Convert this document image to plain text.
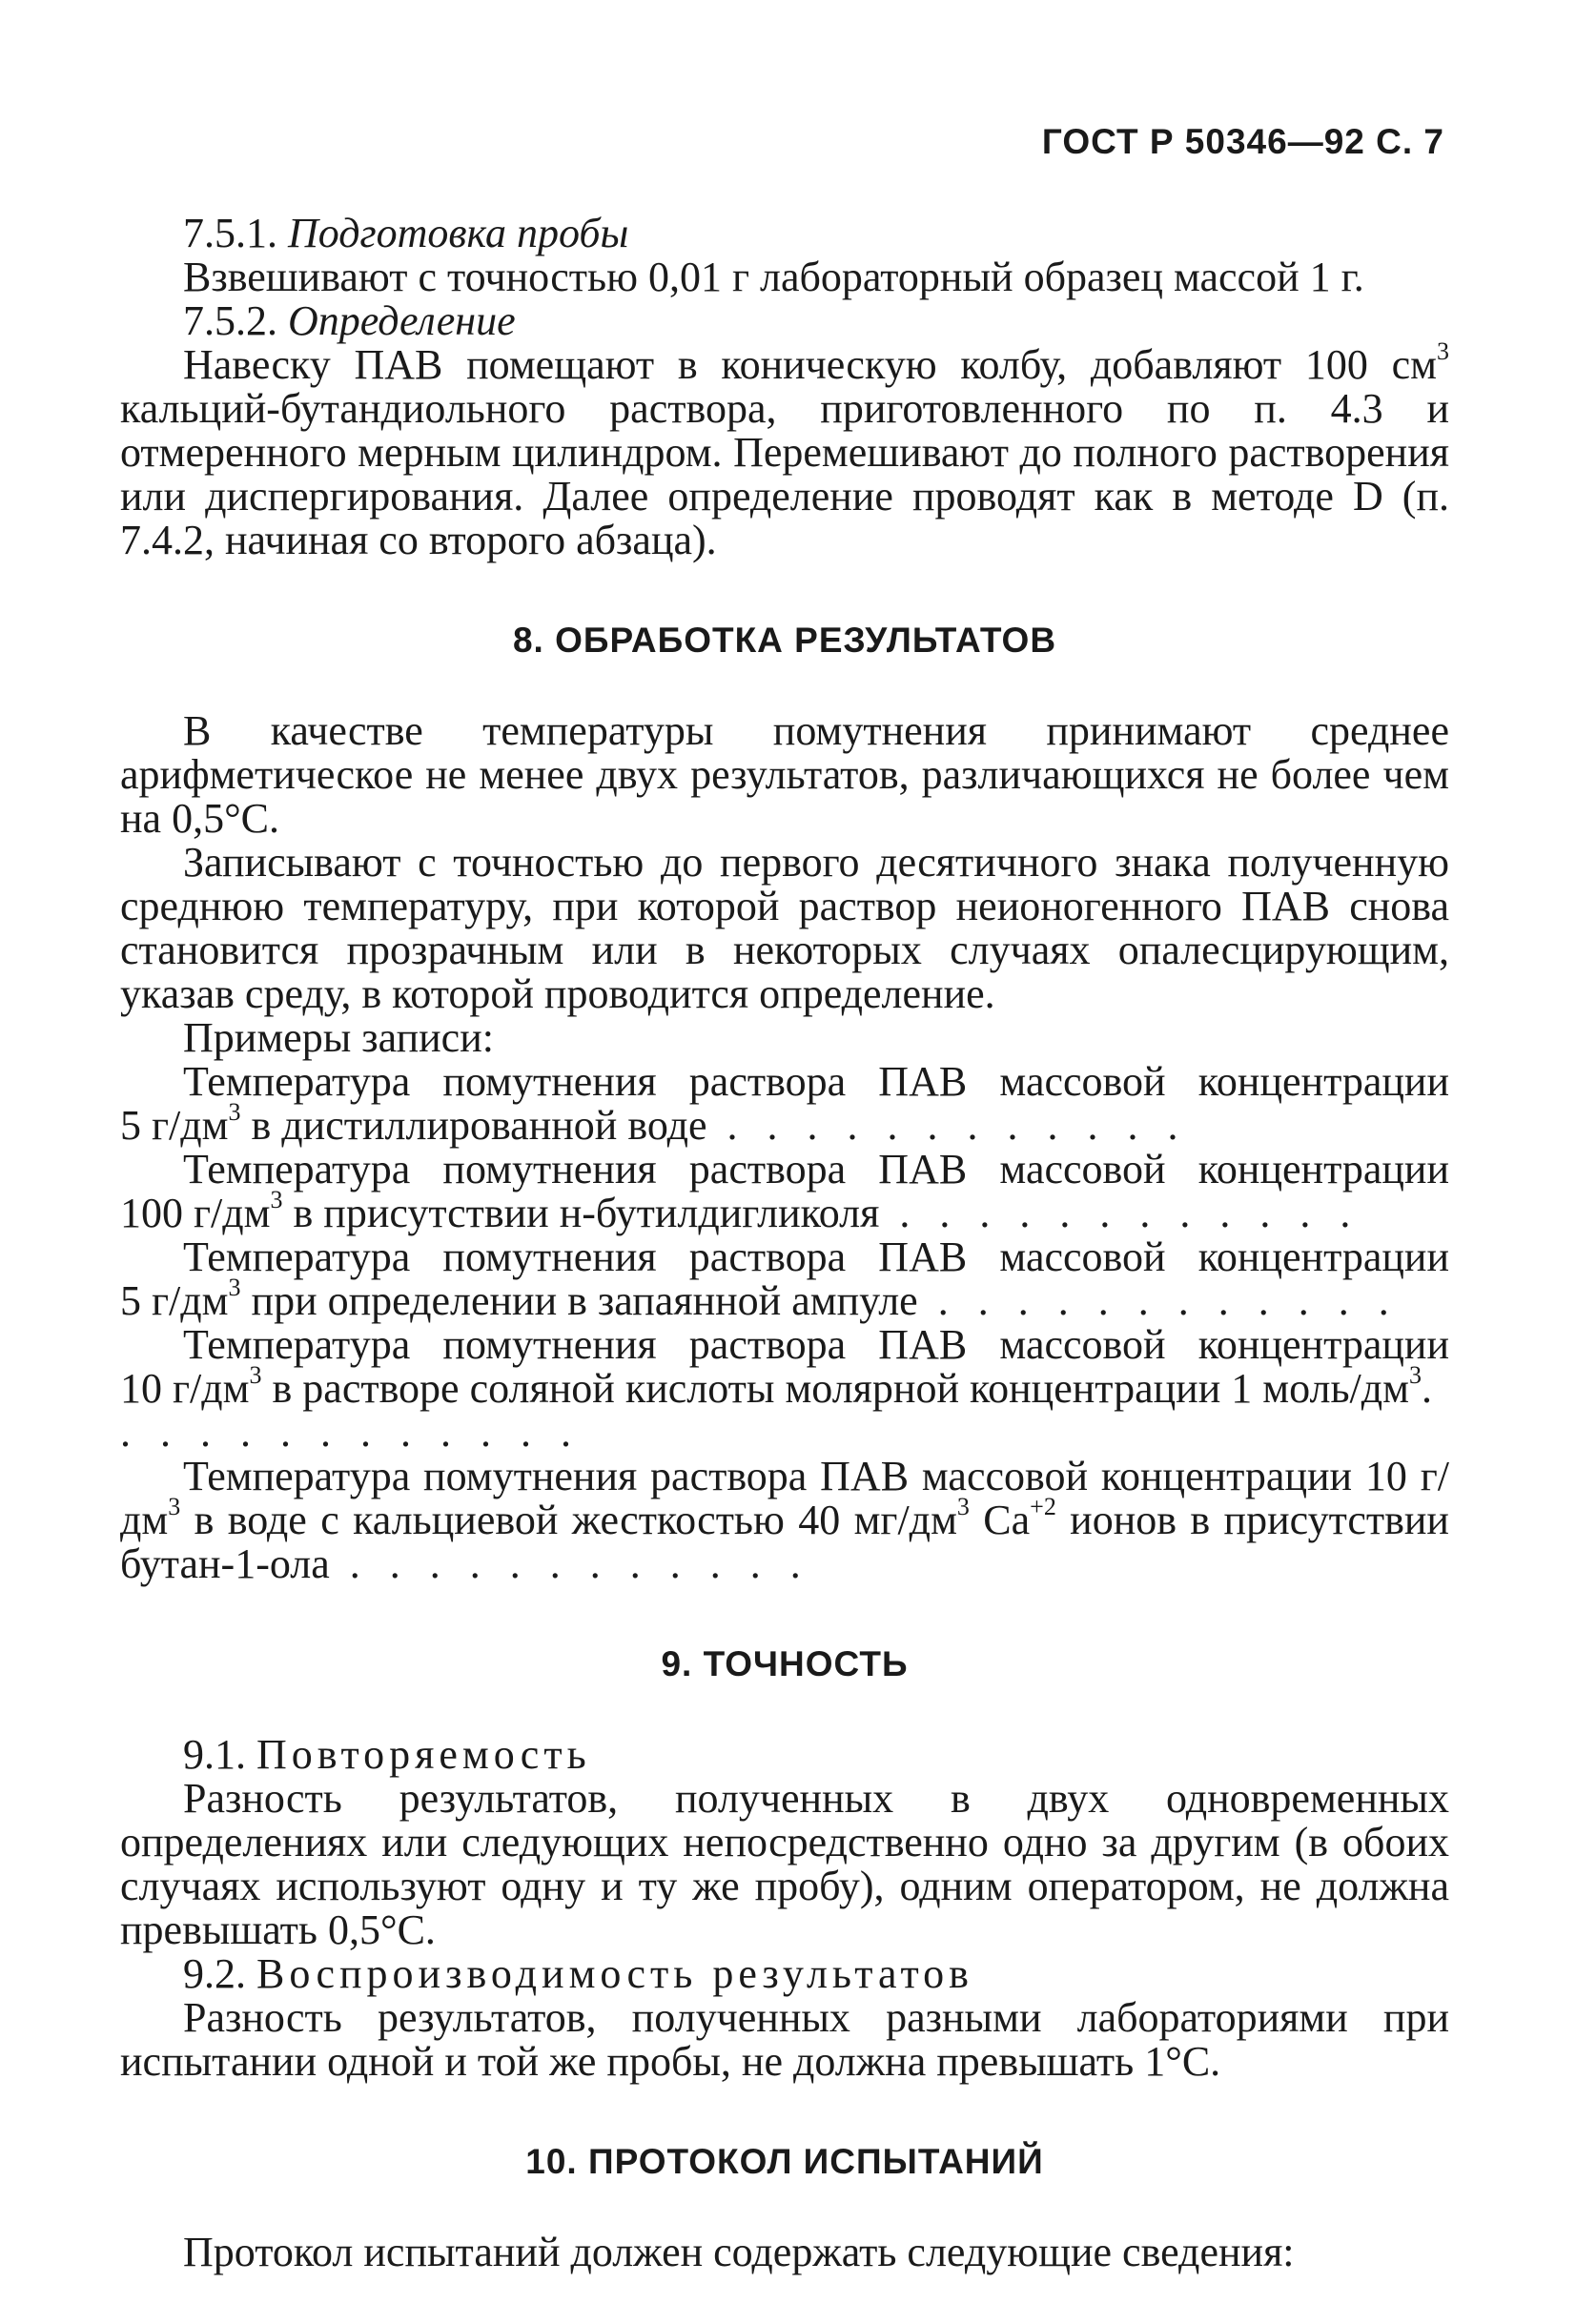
ГОСТ Р 50346—92 С. 7

7.5.1. Подготовка пробы

Взвешивают с точностью 0,01 г лабораторный образец массой 1 г.

7.5.2. Определение

Навеску ПАВ помещают в коническую колбу, добавляют 100 $см^3$ кальций-бутандиольного раствора, приготовленного по п. 4.3 и отмеренного мерным цилиндром. Перемешивают до полного растворения или диспергирования. Далее определение проводят как в методе D (п. 7.4.2, начиная со второго абзаца).

8. ОБРАБОТКА РЕЗУЛЬТАТОВ

В качестве температуры помутнения принимают среднее арифметическое не менее двух результатов, различающихся не более чем на 0,5°С.

Записывают с точностью до первого десятичного знака полученную среднюю температуру, при которой раствор неионогенного ПАВ снова становится прозрачным или в некоторых случаях опалесцирующим, указав среду, в которой проводится определение.

Примеры записи:

Температура помутнения раствора ПАВ массовой концентрации
5 $г/дм^3$ в дистиллированной воде . . . . . . . . . . . .

Температура помутнения раствора ПАВ массовой концентрации
100 $г/дм^3$ в присутствии н-бутилдигликоля . . . . . . . . . . . .

Температура помутнения раствора ПАВ массовой концентрации
5 $г/дм^3$ при определении в запаянной ампуле . . . . . . . . . . . .

Температура помутнения раствора ПАВ массовой концентрации
10 $г/дм^3$ в растворе соляной кислоты молярной концентрации 1 моль/$дм^3$. . . . . . . . . . . . .

Температура помутнения раствора ПАВ массовой концентрации 10 $г/дм^3$ в воде с кальциевой жесткостью 40 $мг/дм^3$ $Ca^{+2}$ ионов в присутствии бутан-1-ола . . . . . . . . . . . .

9. ТОЧНОСТЬ

9.1. Повторяемость

Разность результатов, полученных в двух одновременных определениях или следующих непосредственно одно за другим (в обоих случаях используют одну и ту же пробу), одним оператором, не должна превышать 0,5°С.

9.2. Воспроизводимость результатов

Разность результатов, полученных разными лабораториями при испытании одной и той же пробы, не должна превышать 1°С.

10. ПРОТОКОЛ ИСПЫТАНИЙ

Протокол испытаний должен содержать следующие сведения:
